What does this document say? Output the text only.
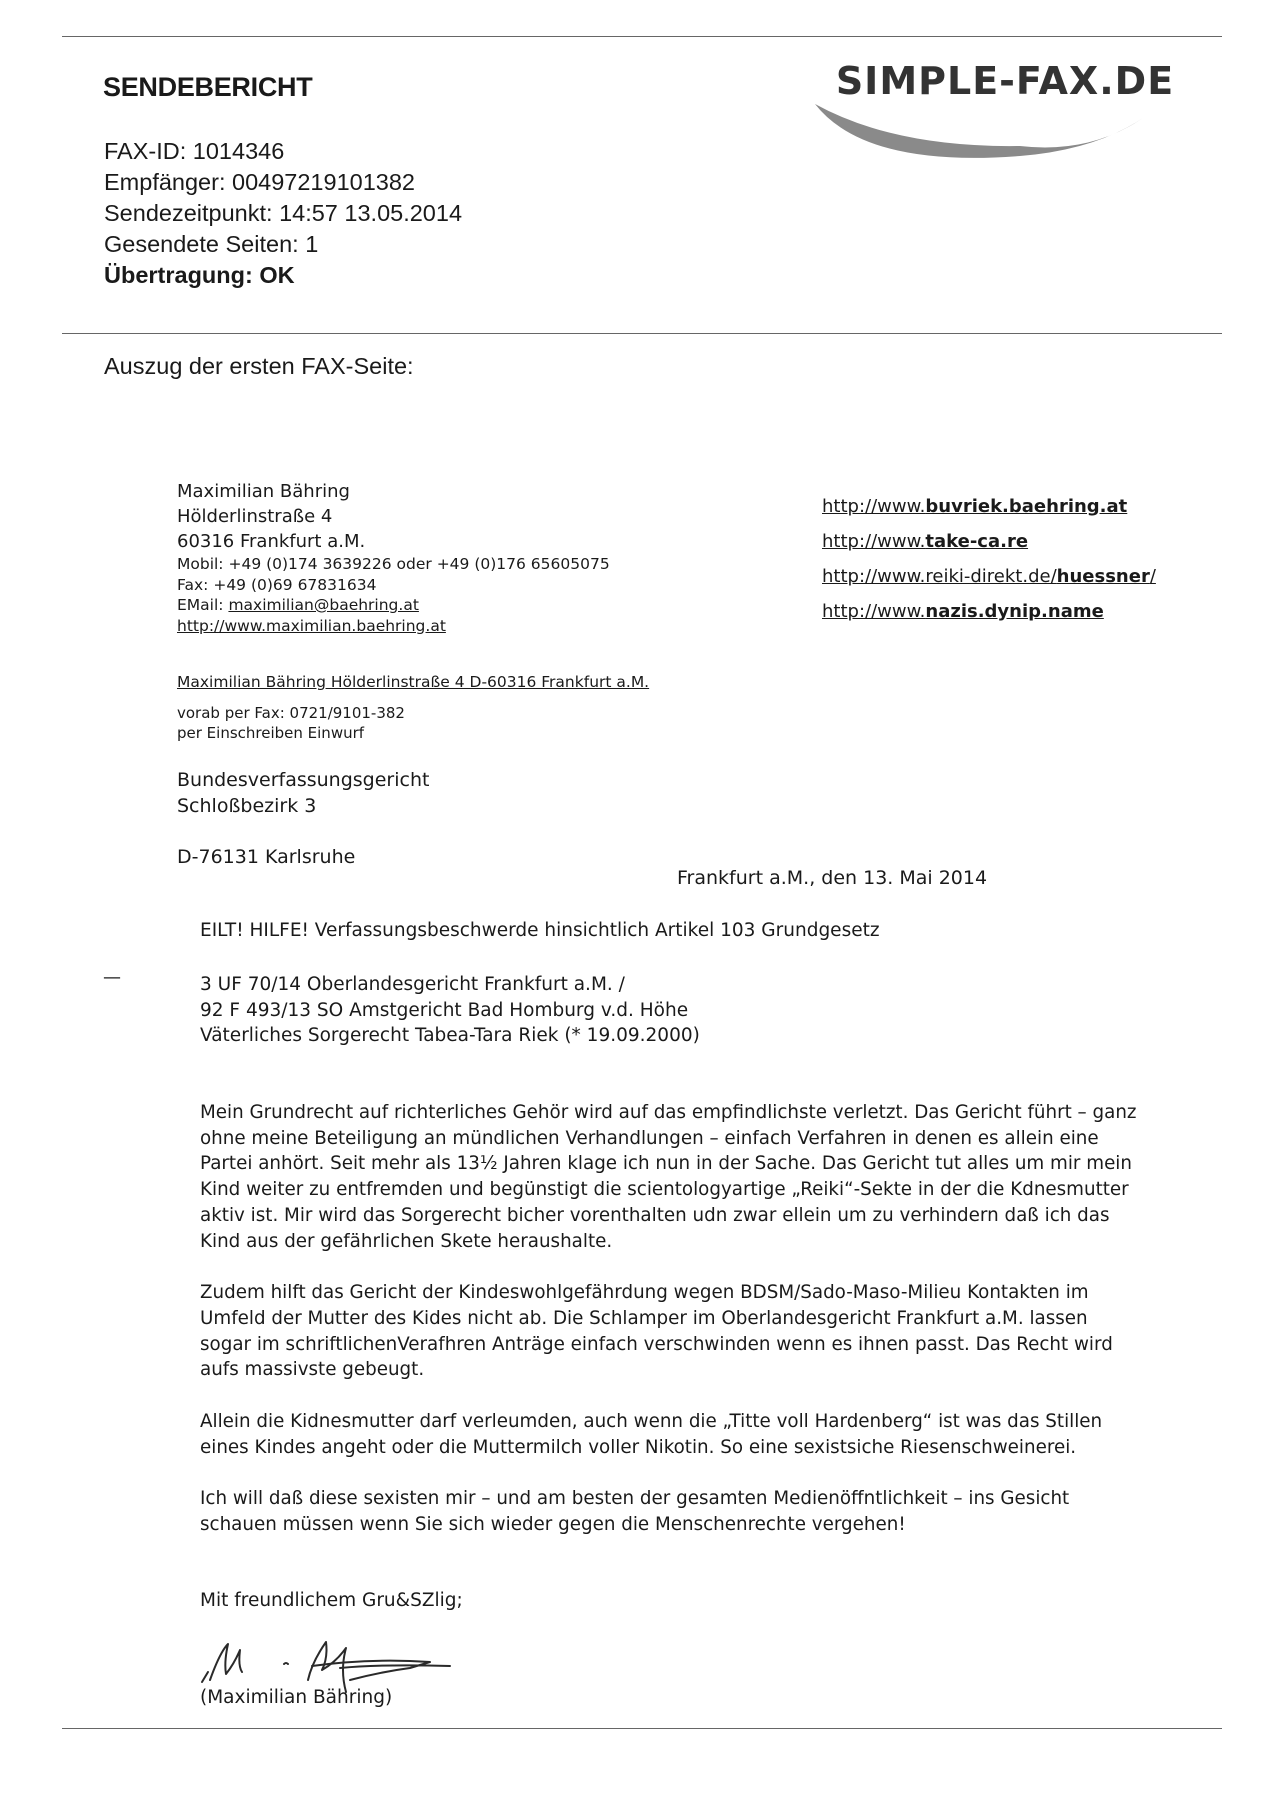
SENDEBERICHT	SIMPLE-FAX.DE
FAX-ID: 1014346
Empfänger: 00497219101382
Sendezeitpunkt: 14:57 13.05.2014
Gesendete Seiten: 1
Übertragung: OK
Auszug der ersten FAX-Seite:
Maximilian Bähring
Hölderlinstraße 4
60316 Frankfurt a.M.
Mobil: +49 (0)174 3639226 oder +49 (0)176 65605075
Fax: +49 (0)69 67831634
EMail: maximilian@baehring.at
http://www.maximilian.baehring.at
http://www.buvriek.baehring.at
http://www.take-ca.re
http://www.reiki-direkt.de/huessner/
http://www.nazis.dynip.name
Maximilian Bähring Hölderlinstraße 4 D-60316 Frankfurt a.M.
vorab per Fax: 0721/9101-382
per Einschreiben Einwurf
Bundesverfassungsgericht
Schloßbezirk 3
D-76131 Karlsruhe
Frankfurt a.M., den 13. Mai 2014
EILT! HILFE! Verfassungsbeschwerde hinsichtlich Artikel 103 Grundgesetz
—	3 UF 70/14 Oberlandesgericht Frankfurt a.M. /
92 F 493/13 SO Amstgericht Bad Homburg v.d. Höhe
Väterliches Sorgerecht Tabea-Tara Riek (* 19.09.2000)

Mein Grundrecht auf richterliches Gehör wird auf das empfindlichste verletzt. Das Gericht führt – ganz
ohne meine Beteiligung an mündlichen Verhandlungen – einfach Verfahren in denen es allein eine
Partei anhört. Seit mehr als 13½ Jahren klage ich nun in der Sache. Das Gericht tut alles um mir mein
Kind weiter zu entfremden und begünstigt die scientologyartige „Reiki“-Sekte in der die Kdnesmutter
aktiv ist. Mir wird das Sorgerecht bicher vorenthalten udn zwar ellein um zu verhindern daß ich das
Kind aus der gefährlichen Skete heraushalte.

Zudem hilft das Gericht der Kindeswohlgefährdung wegen BDSM/Sado-Maso-Milieu Kontakten im
Umfeld der Mutter des Kides nicht ab. Die Schlamper im Oberlandesgericht Frankfurt a.M. lassen
sogar im schriftlichenVerafhren Anträge einfach verschwinden wenn es ihnen passt. Das Recht wird
aufs massivste gebeugt.

Allein die Kidnesmutter darf verleumden, auch wenn die „Titte voll Hardenberg“ ist was das Stillen
eines Kindes angeht oder die Muttermilch voller Nikotin. So eine sexistsiche Riesenschweinerei.

Ich will daß diese sexisten mir – und am besten der gesamten Medienöffntlichkeit – ins Gesicht
schauen müssen wenn Sie sich wieder gegen die Menschenrechte vergehen!

Mit freundlichem Gru&SZlig;
(Maximilian Bähring)
